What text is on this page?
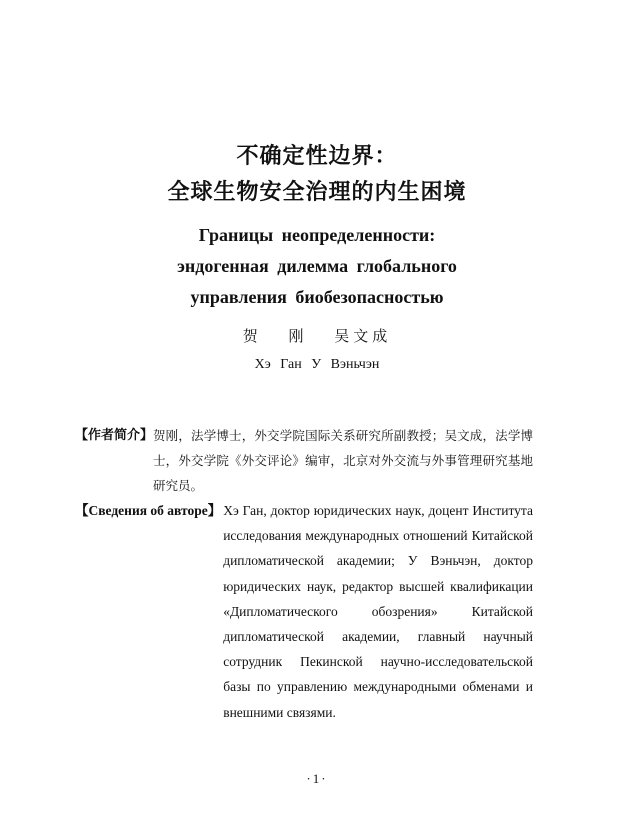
不确定性边界：
全球生物安全治理的内生困境
Границы неопределенности:
эндогенная дилемма глобального
управления биобезопасностью
贺 刚 吴文成
Хэ Ган У Вэньчэн
【作者简介】 贺刚，法学博士，外交学院国际关系研究所副教授；吴文成，法学博士，外交学院《外交评论》编审，北京对外交流与外事管理研究基地研究员。
【Сведения об авторе】 Хэ Ган, доктор юридических наук, доцент Института исследования международных отношений Китайской дипломатической академии; У Вэньчэн, доктор юридических наук, редактор высшей квалификации «Дипломатического обозрения» Китайской дипломатической академии, главный научный сотрудник Пекинской научно-исследовательской базы по управлению международными обменами и внешними связями.
·1·
